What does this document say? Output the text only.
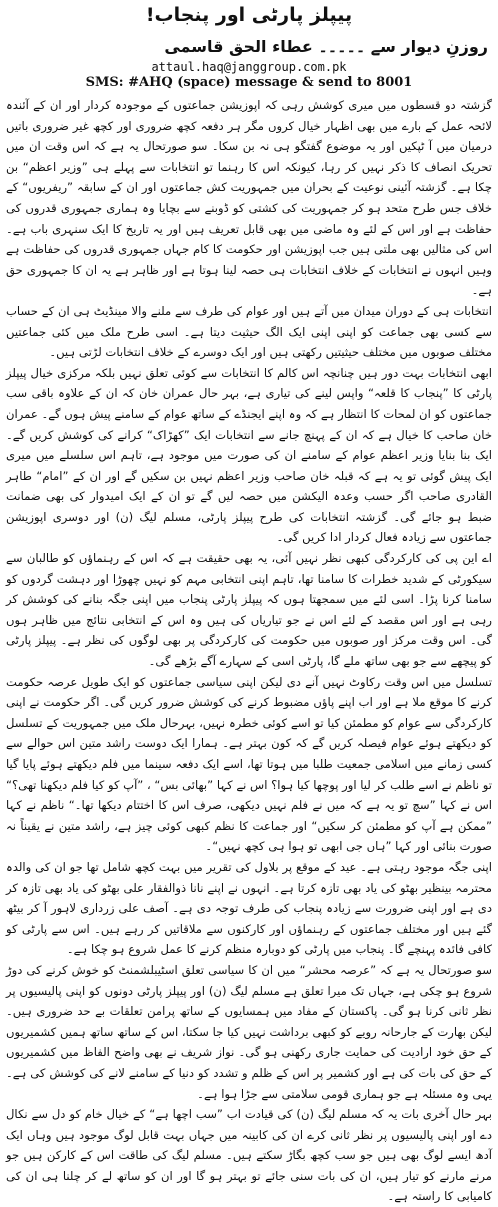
پیپلز پارٹی اور پنجاب!
روزنِ دیوار سے ۔۔۔۔۔ عطاء الحق قاسمی
attaul.haq@janggroup.com.pk
SMS: #AHQ (space) message & send to 8001

گزشتہ دو قسطوں میں میری کوشش رہی کہ اپوزیشن جماعتوں کے موجودہ کردار اور ان کے آئندہ لائحہ عمل کے بارے میں بھی اظہار خیال کروں مگر ہر دفعہ کچھ ضروری اور کچھ غیر ضروری باتیں درمیان میں آ ٹپکیں اور یہ موضوع گفتگو ہی نہ بن سکا۔ سو صورتحال یہ ہے کہ اس وقت ان میں تحریک انصاف کا ذکر نہیں کر رہا، کیونکہ اس کا رہنما تو انتخابات سے پہلے ہی ”وزیر اعظم“ بن چکا ہے۔ گزشتہ آئینی نوعیت کے بحران میں جمہوریت کش جماعتوں اور ان کے سابقہ ”ریفریوں“ کے خلاف جس طرح متحد ہو کر جمہوریت کی کشتی کو ڈوبنے سے بچایا وہ ہماری جمہوری قدروں کی حفاظت ہے اور اس کے لئے وہ ماضی میں بھی قابل تعریف ہیں اور یہ تاریخ کا ایک سنہری باب ہے۔ اس کی مثالیں بھی ملتی ہیں جب اپوزیشن اور حکومت کا کام جہاں جمہوری قدروں کی حفاظت ہے وہیں انہوں نے انتخابات کے خلاف انتخابات ہی حصہ لینا ہوتا ہے اور ظاہر ہے یہ ان کا جمہوری حق ہے۔

انتخابات ہی کے دوران میدان میں آتے ہیں اور عوام کی طرف سے ملنے والا مینڈیٹ ہی ان کے حساب سے کسی بھی جماعت کو اپنی اپنی ایک الگ حیثیت دیتا ہے۔ اسی طرح ملک میں کئی جماعتیں مختلف صوبوں میں مختلف حیثیتیں رکھتی ہیں اور ایک دوسرے کے خلاف انتخابات لڑتی ہیں۔

ابھی انتخابات بہت دور ہیں چنانچہ اس کالم کا انتخابات سے کوئی تعلق نہیں بلکہ مرکزی خیال پیپلز پارٹی کا ”پنجاب کا قلعہ“ واپس لینے کی تیاری ہے، بہر حال عمران خان کہ ان کے علاوہ باقی سب جماعتوں کو ان لمحات کا انتظار ہے کہ وہ اپنے ایجنڈے کے ساتھ عوام کے سامنے پیش ہوں گے۔ عمران خان صاحب کا خیال ہے کہ ان کے پہنچ جانے سے انتخابات ایک ”کھڑاک“ کرانے کی کوشش کریں گے۔ ایک بنا بنایا وزیر اعظم عوام کے سامنے ان کی صورت میں موجود ہے، تاہم اس سلسلے میں میری ایک پیش گوئی تو یہ ہے کہ قبلہ خان صاحب وزیر اعظم نہیں بن سکیں گے اور ان کے ”امام“ طاہر القادری صاحب اگر حسب وعدہ الیکشن میں حصہ لیں گے تو ان کے ایک امیدوار کی بھی ضمانت ضبط ہو جائے گی۔ گزشتہ انتخابات کی طرح پیپلز پارٹی، مسلم لیگ (ن) اور دوسری اپوزیشن جماعتوں سے زیادہ فعال کردار ادا کریں گی۔

اے این پی کی کارکردگی کبھی نظر نہیں آئی، یہ بھی حقیقت ہے کہ اس کے رہنماؤں کو طالبان سے سیکورٹی کے شدید خطرات کا سامنا تھا، تاہم اپنی انتخابی مہم کو نہیں چھوڑا اور دہشت گردوں کو سامنا کرنا پڑا۔ اسی لئے میں سمجھتا ہوں کہ پیپلز پارٹی پنجاب میں اپنی جگہ بنانے کی کوشش کر رہی ہے اور اس مقصد کے لئے اس نے جو تیاریاں کی ہیں وہ اس کے انتخابی نتائج میں ظاہر ہوں گی۔ اس وقت مرکز اور صوبوں میں حکومت کی کارکردگی پر بھی لوگوں کی نظر ہے۔ پیپلز پارٹی کو پیچھے سے جو بھی ساتھ ملے گا، پارٹی اسی کے سہارے آگے بڑھے گی۔

تسلسل میں اس وقت رکاوٹ نہیں آنے دی لیکن اپنی سیاسی جماعتوں کو ایک طویل عرصہ حکومت کرنے کا موقع ملا ہے اور اب اپنے پاؤں مضبوط کرنے کی کوشش ضرور کریں گی۔ اگر حکومت نے اپنی کارکردگی سے عوام کو مطمئن کیا تو اسے کوئی خطرہ نہیں، بہرحال ملک میں جمہوریت کے تسلسل کو دیکھتے ہوئے عوام فیصلہ کریں گے کہ کون بہتر ہے۔ ہمارا ایک دوست راشد متین اس حوالے سے کسی زمانے میں اسلامی جمعیت طلبا میں ہوتا تھا، اسے ایک دفعہ سینما میں فلم دیکھتے ہوئے پایا گیا تو ناظم نے اسے طلب کر لیا اور پوچھا کیا ہوا؟ اس نے کہا ”بھائی بس“ ، ”آپ کو کیا فلم دیکھنا تھی؟“ اس نے کہا ”سچ تو یہ ہے کہ میں نے فلم نہیں دیکھی، صرف اس کا اختتام دیکھا تھا۔“ ناظم نے کہا ”ممکن ہے آپ کو مطمئن کر سکیں“ اور جماعت کا نظم کبھی کوئی چیز ہے، راشد متین نے یقیناً نہ صورت بنائی اور کہا ”ہاں جی ابھی تو ہوا ہی کچھ نہیں“۔

اپنی جگہ موجود رہتی ہے۔ عید کے موقع پر بلاول کی تقریر میں بہت کچھ شامل تھا جو ان کی والدہ محترمہ بینظیر بھٹو کی یاد بھی تازہ کرتا ہے۔ انہوں نے اپنے نانا ذوالفقار علی بھٹو کی یاد بھی تازہ کر دی ہے اور اپنی ضرورت سے زیادہ پنجاب کی طرف توجہ دی ہے۔ آصف علی زرداری لاہور آ کر بیٹھ گئے ہیں اور مختلف جماعتوں کے رہنماؤں اور کارکنوں سے ملاقاتیں کر رہے ہیں۔ اس سے پارٹی کو کافی فائدہ پہنچے گا۔ پنجاب میں پارٹی کو دوبارہ منظم کرنے کا عمل شروع ہو چکا ہے۔

سو صورتحال یہ ہے کہ ”عرصہ محشر“ میں ان کا سیاسی تعلق اسٹیبلشمنٹ کو خوش کرنے کی دوڑ شروع ہو چکی ہے، جہاں تک میرا تعلق ہے مسلم لیگ (ن) اور پیپلز پارٹی دونوں کو اپنی پالیسیوں پر نظر ثانی کرنا ہو گی۔ پاکستان کے مفاد میں ہمسایوں کے ساتھ پرامن تعلقات بے حد ضروری ہیں۔ لیکن بھارت کے جارحانہ رویے کو کبھی برداشت نہیں کیا جا سکتا، اس کے ساتھ ساتھ ہمیں کشمیریوں کے حق خود ارادیت کی حمایت جاری رکھنی ہو گی۔ نواز شریف نے بھی واضح الفاظ میں کشمیریوں کے حق کی بات کی ہے اور کشمیر پر اس کے ظلم و تشدد کو دنیا کے سامنے لانے کی کوشش کی ہے۔ یہی وہ مسئلہ ہے جو ہماری قومی سلامتی سے جڑا ہوا ہے۔

بہر حال آخری بات یہ کہ مسلم لیگ (ن) کی قیادت اب ”سب اچھا ہے“ کے خیال خام کو دل سے نکال دے اور اپنی پالیسیوں پر نظر ثانی کرے ان کی کابینہ میں جہاں بہت قابل لوگ موجود ہیں وہاں ایک آدھ ایسے لوگ بھی ہیں جو سب کچھ بگاڑ سکتے ہیں۔ مسلم لیگ کی طاقت اس کے کارکن ہیں جو مرنے مارنے کو تیار ہیں، ان کی بات سنی جائے تو بہتر ہو گا اور ان کو ساتھ لے کر چلنا ہی ان کی کامیابی کا راستہ ہے۔
